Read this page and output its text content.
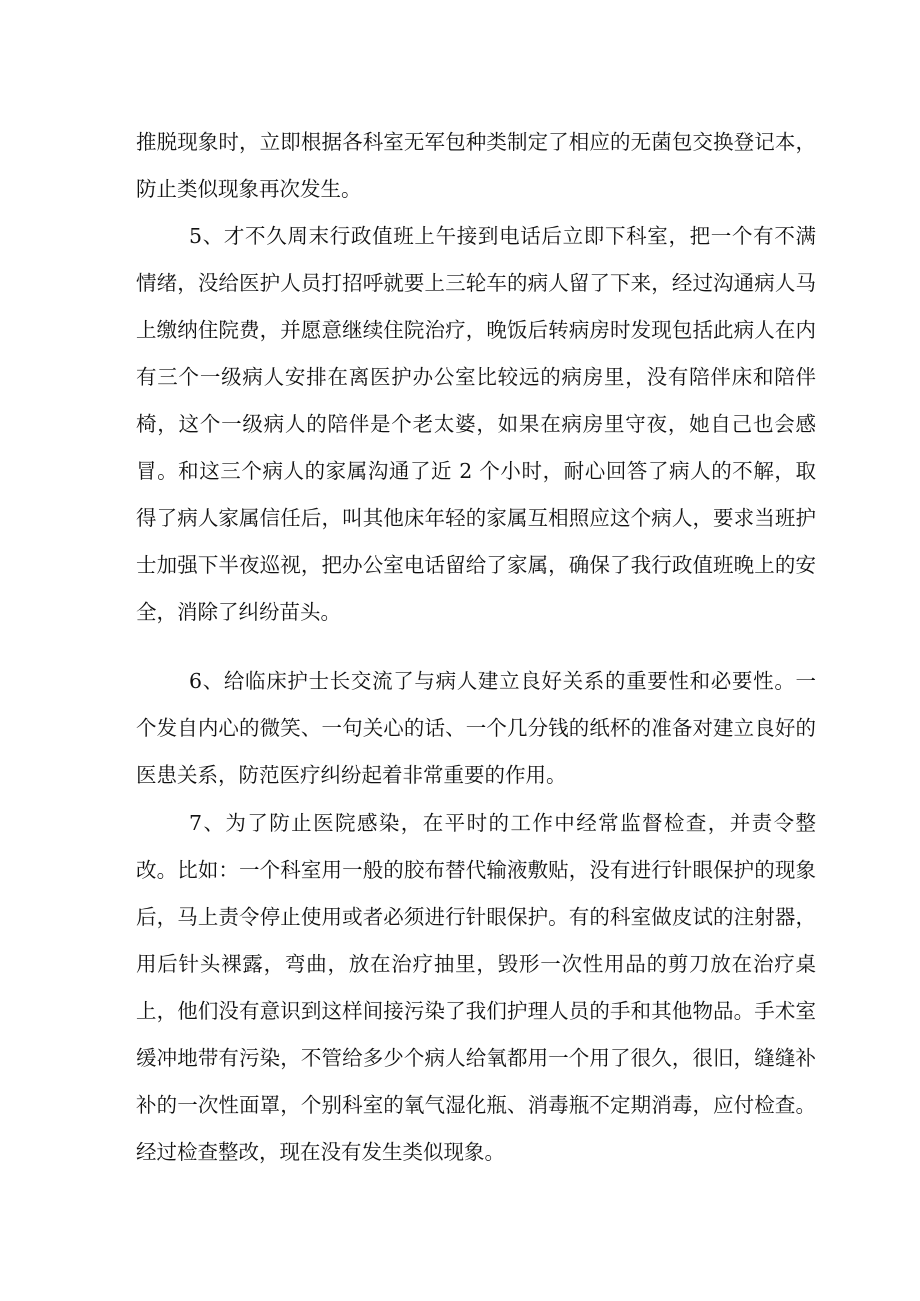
推脱现象时，立即根据各科室无军包种类制定了相应的无菌包交换登记本，防止类似现象再次发生。

5、才不久周末行政值班上午接到电话后立即下科室，把一个有不满情绪，没给医护人员打招呼就要上三轮车的病人留了下来，经过沟通病人马上缴纳住院费，并愿意继续住院治疗，晚饭后转病房时发现包括此病人在内有三个一级病人安排在离医护办公室比较远的病房里，没有陪伴床和陪伴椅，这个一级病人的陪伴是个老太婆，如果在病房里守夜，她自己也会感冒。和这三个病人的家属沟通了近 2 个小时，耐心回答了病人的不解，取得了病人家属信任后，叫其他床年轻的家属互相照应这个病人，要求当班护士加强下半夜巡视，把办公室电话留给了家属，确保了我行政值班晚上的安全，消除了纠纷苗头。

6、给临床护士长交流了与病人建立良好关系的重要性和必要性。一个发自内心的微笑、一句关心的话、一个几分钱的纸杯的准备对建立良好的医患关系，防范医疗纠纷起着非常重要的作用。

7、为了防止医院感染，在平时的工作中经常监督检查，并责令整改。比如：一个科室用一般的胶布替代输液敷贴，没有进行针眼保护的现象后，马上责令停止使用或者必须进行针眼保护。有的科室做皮试的注射器，用后针头裸露，弯曲，放在治疗抽里，毁形一次性用品的剪刀放在治疗桌上，他们没有意识到这样间接污染了我们护理人员的手和其他物品。手术室缓冲地带有污染，不管给多少个病人给氧都用一个用了很久，很旧，缝缝补补的一次性面罩，个别科室的氧气湿化瓶、消毒瓶不定期消毒，应付检查。经过检查整改，现在没有发生类似现象。
